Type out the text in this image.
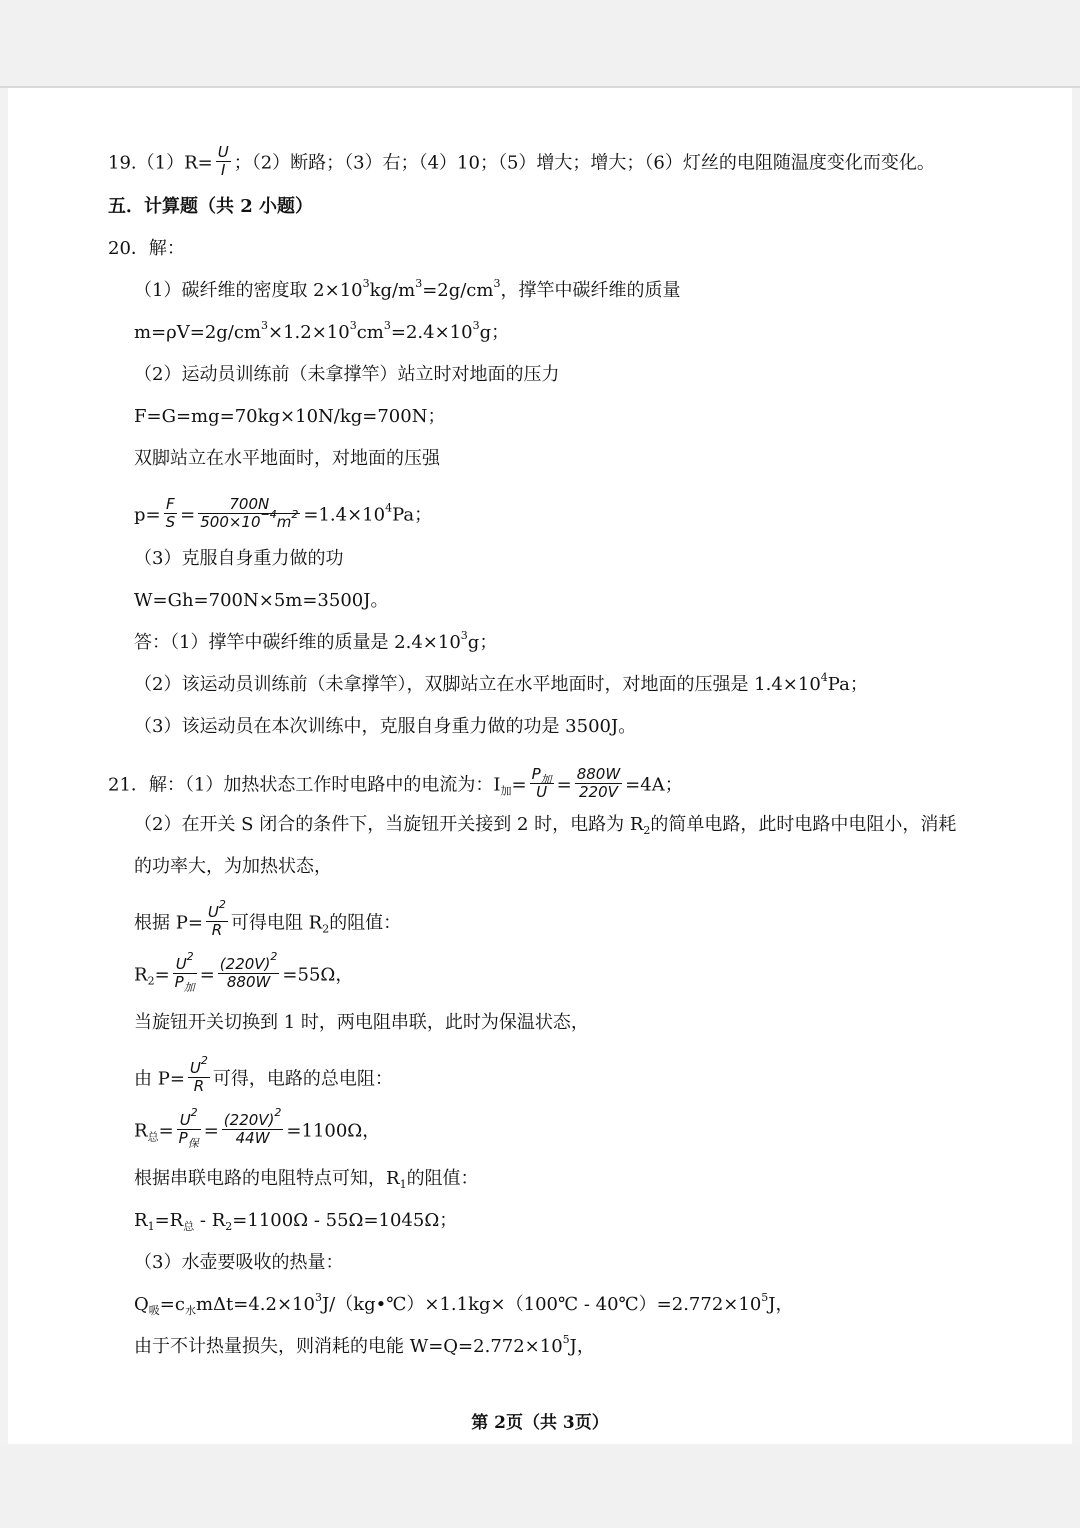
$19.(1)R= \frac{U}{I}$ ；（2）断路；（3）右；（4）10；（5）增大；增大；（6）灯丝的电阻随温度变化而变化。
五．计算题（共 2 小题）
20．解：
（1）碳纤维的密度取 $2\times 10^3kg/m^3=2g/cm^3$，撑竿中碳纤维的质量
$m=\rho V=2g/cm^3\times 1.2\times 10^3cm^3=2.4\times 10^3g$；
（2）运动员训练前（未拿撑竿）站立时对地面的压力
F=G=mg=70kg×10N/kg=700N；
双脚站立在水平地面时，对地面的压强
$p= \frac{F}{S} = \frac{700N}{500\times 10^{-4}m^2} =1.4\times 10^4Pa$；
（3）克服自身重力做的功
W=Gh=700N×5m=3500J。
答：（1）撑竿中碳纤维的质量是 $2.4\times 10^3g$；
（2）该运动员训练前（未拿撑竿），双脚站立在水平地面时，对地面的压强是 $1.4\times 10^4Pa$；
（3）该运动员在本次训练中，克服自身重力做的功是 3500J。
21．解：（1）加热状态工作时电路中的电流为：$I_加= \frac{P_加}{U} = \frac{880W}{220V} =4A$；
（2）在开关 S 闭合的条件下，当旋钮开关接到 2 时，电路为 $R_2$的简单电路，此时电路中电阻小，消耗
的功率大，为加热状态，
根据 $P= \frac{U^2}{R}$ 可得电阻 $R_2$的阻值：
$R_2= \frac{U^2}{P_加} = \frac{(220V)^2}{880W} =55\Omega$，
当旋钮开关切换到 1 时，两电阻串联，此时为保温状态，
由 $P= \frac{U^2}{R}$ 可得，电路的总电阻：
$R_总= \frac{U^2}{P_保} = \frac{(220V)^2}{44W} =1100\Omega$，
根据串联电路的电阻特点可知，$R_1$的阻值：
$R_1=R_总 - R_2=1100\Omega - 55\Omega=1045\Omega$；
（3）水壶要吸收的热量：
$Q_吸=c_水m\Delta t=4.2\times 10^3J/(kg•℃)\times 1.1kg\times(100℃$ - $40℃)=2.772\times 10^5J$，
由于不计热量损失，则消耗的电能 $W=Q=2.772\times 10^5J$，
第 2页（共 3页）
